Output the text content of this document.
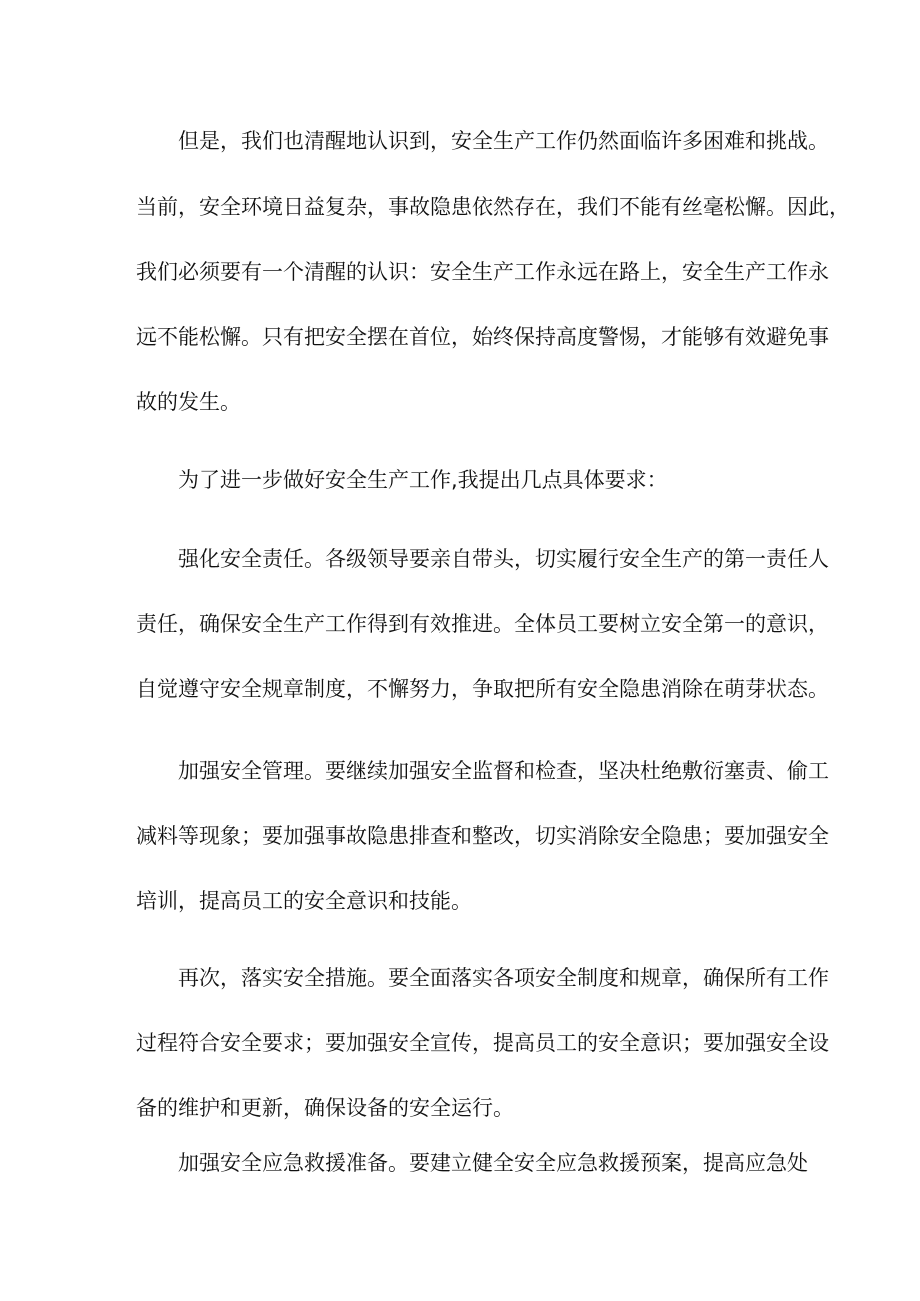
但是，我们也清醒地认识到，安全生产工作仍然面临许多困难和挑战。
当前，安全环境日益复杂，事故隐患依然存在，我们不能有丝毫松懈。因此，
我们必须要有一个清醒的认识：安全生产工作永远在路上，安全生产工作永
远不能松懈。只有把安全摆在首位，始终保持高度警惕，才能够有效避免事
故的发生。
为了进一步做好安全生产工作,我提出几点具体要求：
强化安全责任。各级领导要亲自带头，切实履行安全生产的第一责任人
责任，确保安全生产工作得到有效推进。全体员工要树立安全第一的意识，
自觉遵守安全规章制度，不懈努力，争取把所有安全隐患消除在萌芽状态。
加强安全管理。要继续加强安全监督和检查，坚决杜绝敷衍塞责、偷工
减料等现象；要加强事故隐患排查和整改，切实消除安全隐患；要加强安全
培训，提高员工的安全意识和技能。
再次，落实安全措施。要全面落实各项安全制度和规章，确保所有工作
过程符合安全要求；要加强安全宣传，提高员工的安全意识；要加强安全设
备的维护和更新，确保设备的安全运行。
加强安全应急救援准备。要建立健全安全应急救援预案，提高应急处
